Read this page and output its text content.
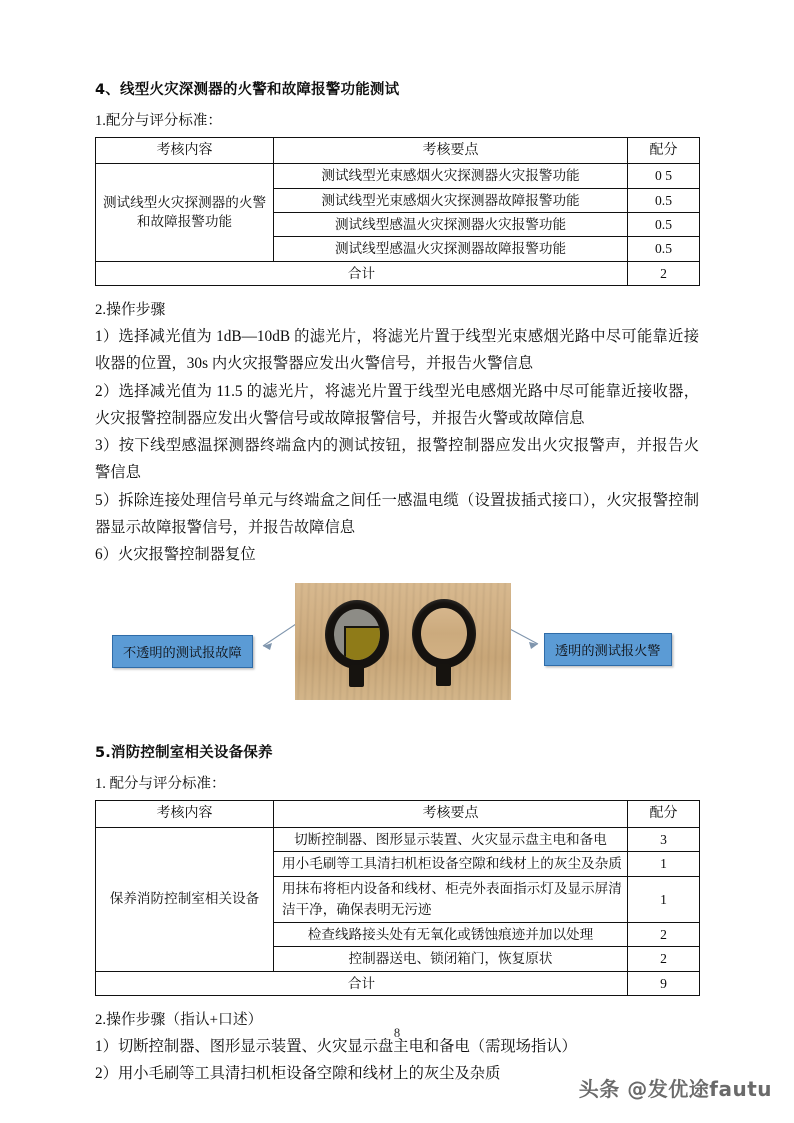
4、线型火灾深测器的火警和故障报警功能测试
1.配分与评分标准：
考核内容	考核要点	配分
测试线型火灾探测器的火警和故障报警功能	测试线型光束感烟火灾探测器火灾报警功能	0 5
	测试线型光束感烟火灾探测器故障报警功能	0.5
	测试线型感温火灾探测器火灾报警功能	0.5
	测试线型感温火灾探测器故障报警功能	0.5
合计		2
2.操作步骤

1）选择减光值为 1dB—10dB 的滤光片，将滤光片置于线型光束感烟光路中尽可能靠近接收器的位置，30s 内火灾报警器应发出火警信号，并报告火警信息

2）选择减光值为 11.5 的滤光片，将滤光片置于线型光电感烟光路中尽可能靠近接收器，火灾报警控制器应发出火警信号或故障报警信号，并报告火警或故障信息

3）按下线型感温探测器终端盒内的测试按钮，报警控制器应发出火灾报警声，并报告火警信息

5）拆除连接处理信号单元与终端盒之间任一感温电缆（设置拔插式接口），火灾报警控制器显示故障报警信号，并报告故障信息

6）火灾报警控制器复位

不透明的测试报故障	透明的测试报火警
5.消防控制室相关设备保养
1. 配分与评分标准：
考核内容	考核要点	配分
保养消防控制室相关设备	切断控制器、图形显示装置、火灾显示盘主电和备电	3
	用小毛刷等工具清扫机柜设备空隙和线材上的灰尘及杂质	1
	用抹布将柜内设备和线材、柜壳外表面指示灯及显示屏清洁干净，确保表明无污迹	1
	检查线路接头处有无氧化或锈蚀痕迹并加以处理	2
	控制器送电、锁闭箱门，恢复原状	2
合计		9
2.操作步骤（指认+口述）

1）切断控制器、图形显示装置、火灾显示盘主电和备电（需现场指认）

2）用小毛刷等工具清扫机柜设备空隙和线材上的灰尘及杂质

8
头条 @发优途fautu
